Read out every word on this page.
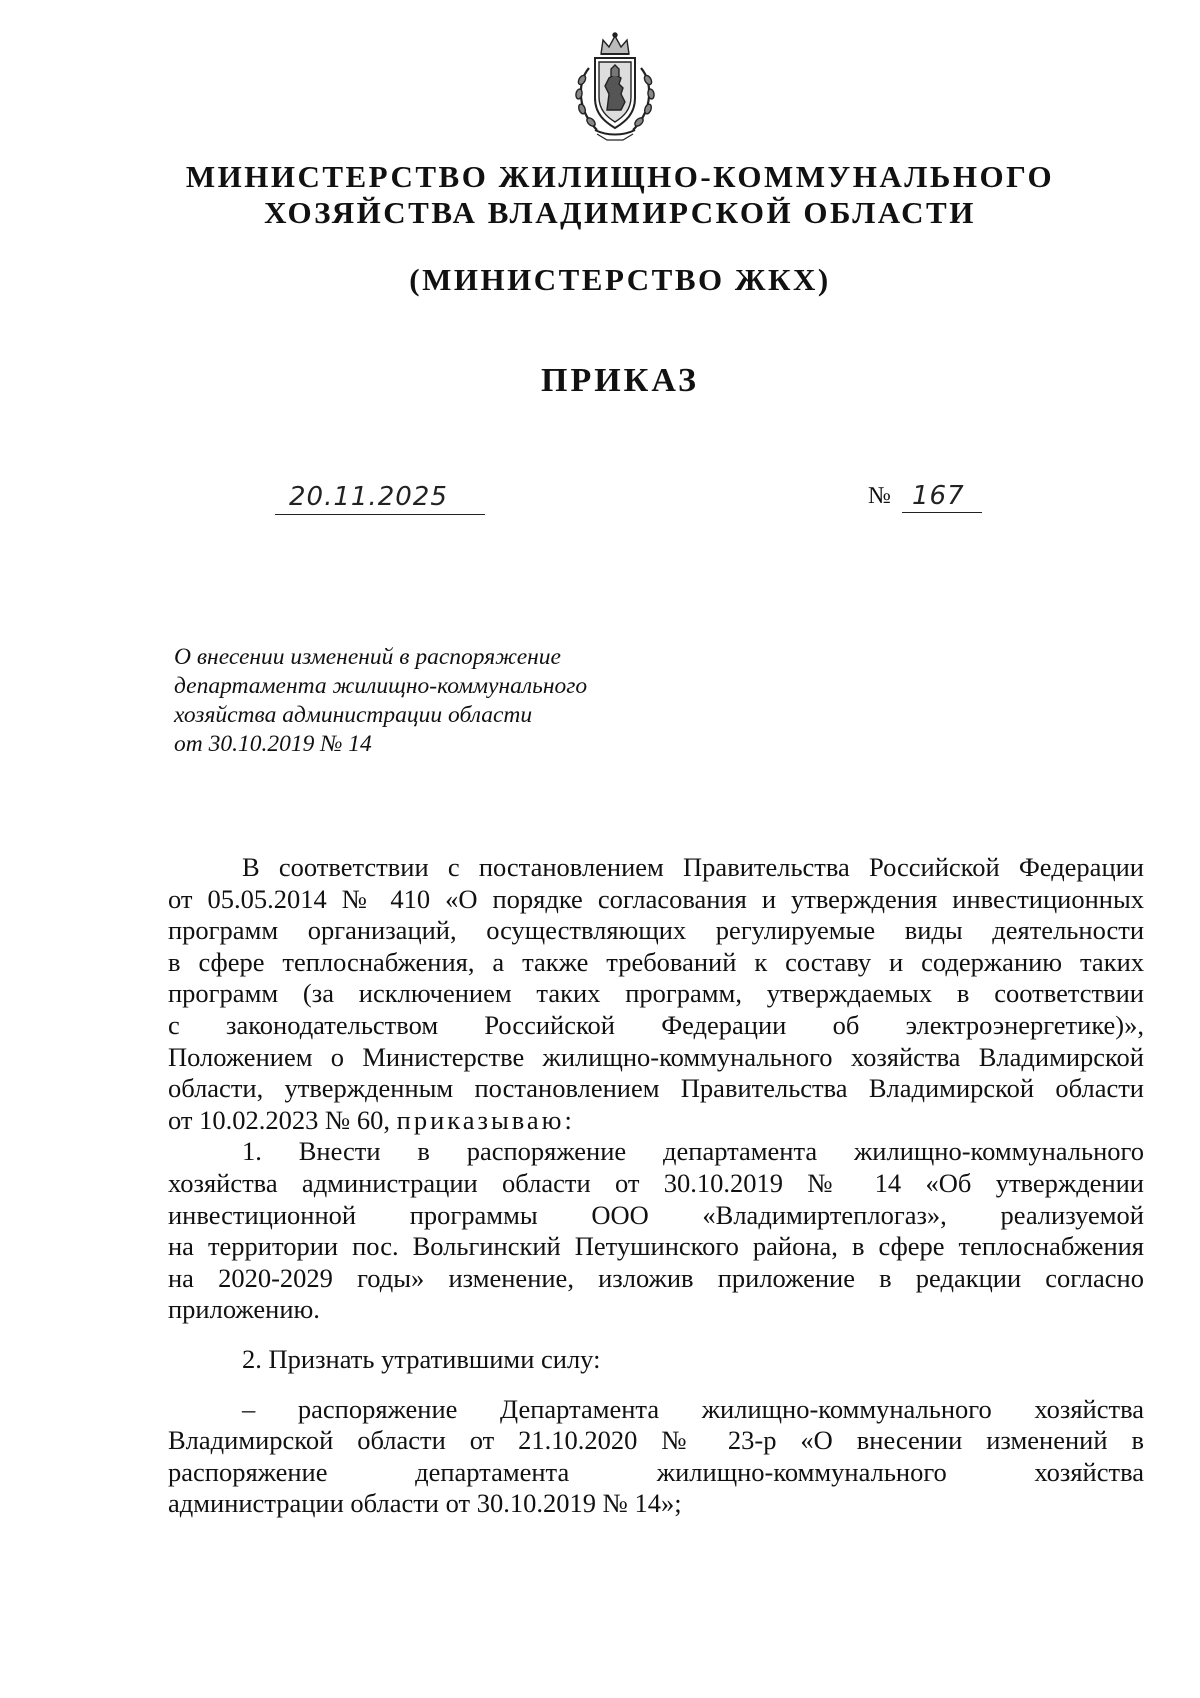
МИНИСТЕРСТВО ЖИЛИЩНО-КОММУНАЛЬНОГО
ХОЗЯЙСТВА ВЛАДИМИРСКОЙ ОБЛАСТИ
(МИНИСТЕРСТВО ЖКХ)
ПРИКАЗ
20.11.2025	№ 167
О внесении изменений в распоряжение
департамента жилищно-коммунального
хозяйства администрации области
от 30.10.2019 № 14
В соответствии с постановлением Правительства Российской Федерации
от 05.05.2014 № 410 «О порядке согласования и утверждения инвестиционных
программ организаций, осуществляющих регулируемые виды деятельности
в сфере теплоснабжения, а также требований к составу и содержанию таких
программ (за исключением таких программ, утверждаемых в соответствии
с законодательством Российской Федерации об электроэнергетике)»,
Положением о Министерстве жилищно-коммунального хозяйства Владимирской
области, утвержденным постановлением Правительства Владимирской области
от 10.02.2023 № 60, приказываю:
1. Внести в распоряжение департамента жилищно-коммунального
хозяйства администрации области от 30.10.2019 № 14 «Об утверждении
инвестиционной программы ООО «Владимиртеплогаз», реализуемой
на территории пос. Вольгинский Петушинского района, в сфере теплоснабжения
на 2020-2029 годы» изменение, изложив приложение в редакции согласно
приложению.
2. Признать утратившими силу:
– распоряжение Департамента жилищно-коммунального хозяйства
Владимирской области от 21.10.2020 № 23-р «О внесении изменений в
распоряжение департамента жилищно-коммунального хозяйства
администрации области от 30.10.2019 № 14»;
